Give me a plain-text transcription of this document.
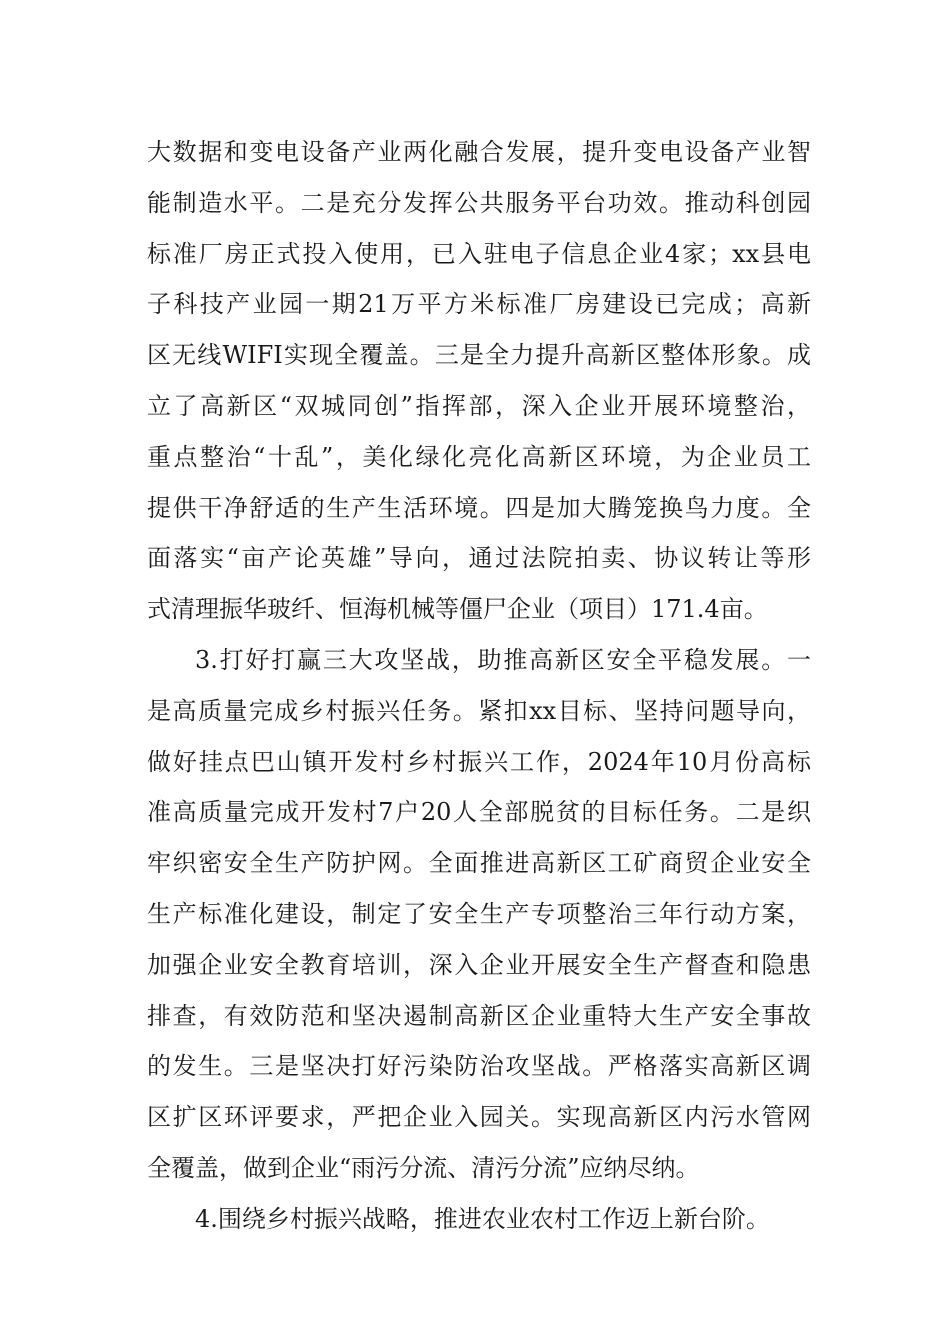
大数据和变电设备产业两化融合发展，提升变电设备产业智
能制造水平。二是充分发挥公共服务平台功效。推动科创园
标准厂房正式投入使用，已入驻电子信息企业4家；xx县电
子科技产业园一期21万平方米标准厂房建设已完成；高新
区无线WIFI实现全覆盖。三是全力提升高新区整体形象。成
立了高新区“双城同创”指挥部，深入企业开展环境整治，
重点整治“十乱”，美化绿化亮化高新区环境，为企业员工
提供干净舒适的生产生活环境。四是加大腾笼换鸟力度。全
面落实“亩产论英雄”导向，通过法院拍卖、协议转让等形
式清理振华玻纤、恒海机械等僵尸企业（项目）171.4亩。
3.打好打赢三大攻坚战，助推高新区安全平稳发展。一
是高质量完成乡村振兴任务。紧扣xx目标、坚持问题导向，
做好挂点巴山镇开发村乡村振兴工作，2024年10月份高标
准高质量完成开发村7户20人全部脱贫的目标任务。二是织
牢织密安全生产防护网。全面推进高新区工矿商贸企业安全
生产标准化建设，制定了安全生产专项整治三年行动方案，
加强企业安全教育培训，深入企业开展安全生产督查和隐患
排查，有效防范和坚决遏制高新区企业重特大生产安全事故
的发生。三是坚决打好污染防治攻坚战。严格落实高新区调
区扩区环评要求，严把企业入园关。实现高新区内污水管网
全覆盖，做到企业“雨污分流、清污分流”应纳尽纳。
4.围绕乡村振兴战略，推进农业农村工作迈上新台阶。
